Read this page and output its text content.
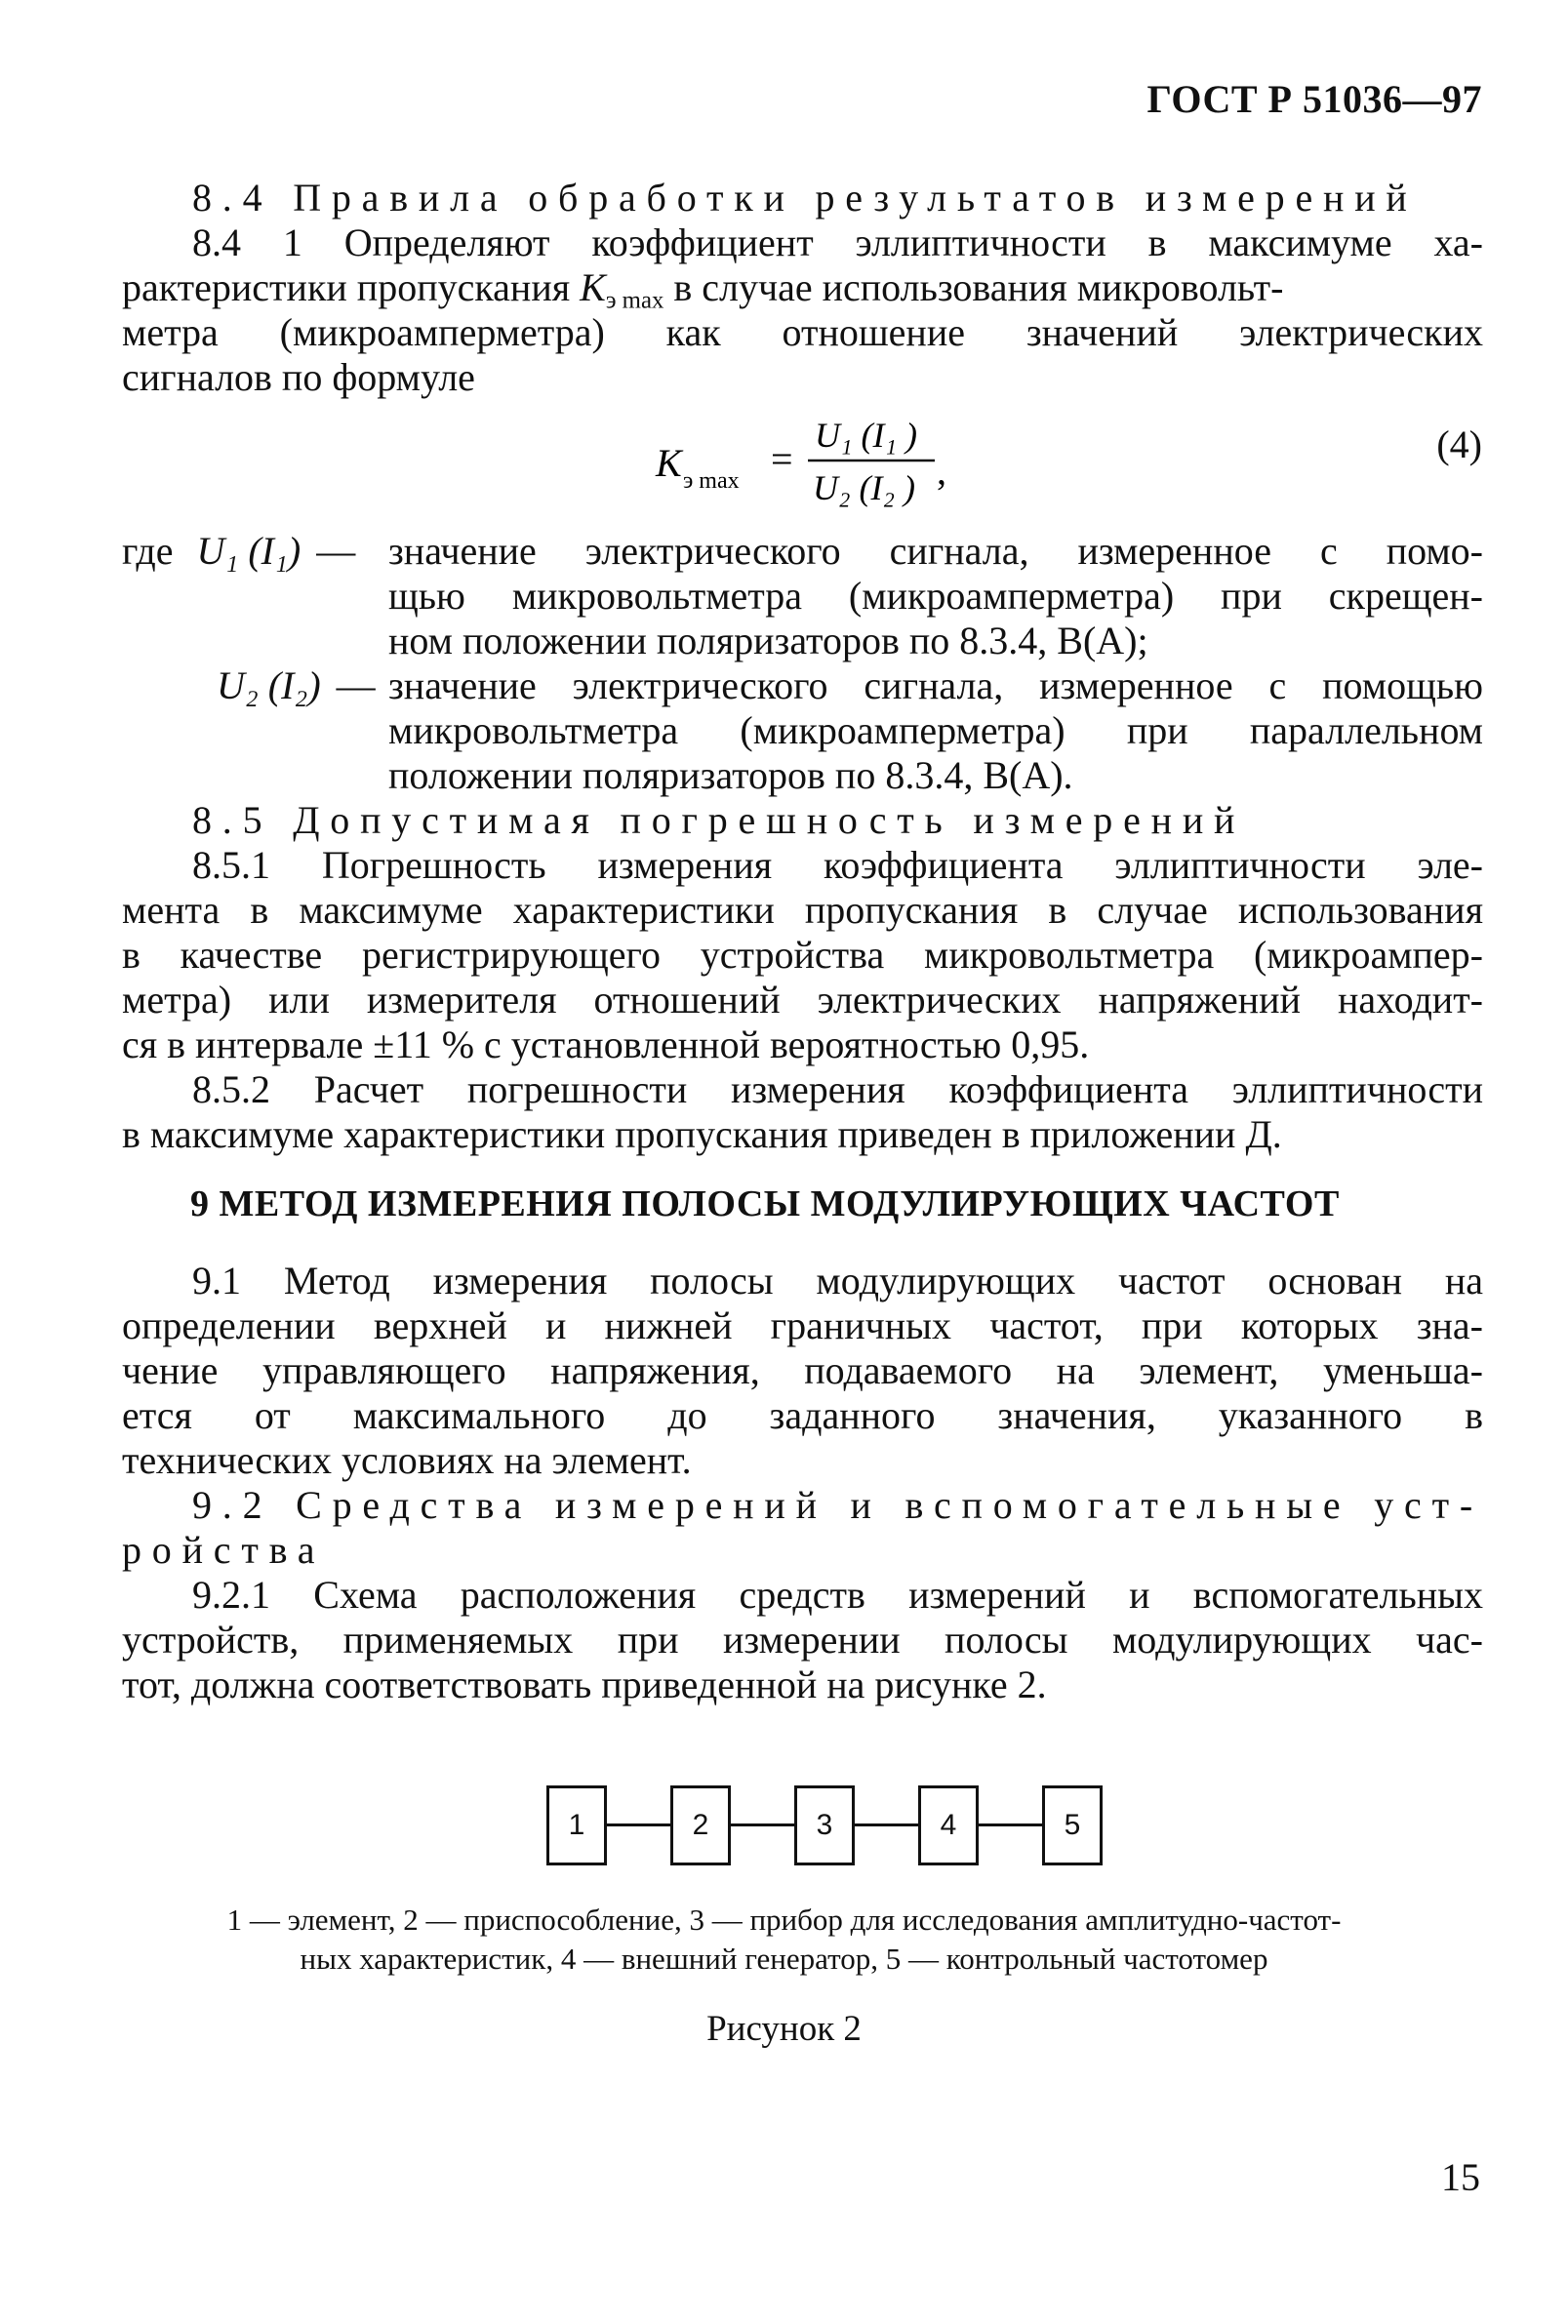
ГОСТ Р 51036—97
8.4 Правила обработки результатов измерений
8.4 1 Определяют коэффициент эллиптичности в максимуме ха-
рактеристики пропускания $K_{э max}$ в случае использования микровольт-
метра (микроамперметра) как отношение значений электрических
сигналов по формуле
K э max =
U₁ (I₁ )
U₂ (I₂ ) ,
(4)
где U₁ (I₁) — значение электрического сигнала, измеренное с помо-
щью микровольтметра (микроамперметра) при скрещен-
ном положении поляризаторов по 8.3.4, В(А);
U₂ (I₂) — значение электрического сигнала, измеренное с помощью
микровольтметра (микроамперметра) при параллельном
положении поляризаторов по 8.3.4, В(А).
8.5 Допустимая погрешность измерений
8.5.1 Погрешность измерения коэффициента эллиптичности эле-
мента в максимуме характеристики пропускания в случае использования
в качестве регистрирующего устройства микровольтметра (микроампер-
метра) или измерителя отношений электрических напряжений находит-
ся в интервале ±11 % с установленной вероятностью 0,95.
8.5.2 Расчет погрешности измерения коэффициента эллиптичности
в максимуме характеристики пропускания приведен в приложении Д.
9 МЕТОД ИЗМЕРЕНИЯ ПОЛОСЫ МОДУЛИРУЮЩИХ ЧАСТОТ
9.1 Метод измерения полосы модулирующих частот основан на
определении верхней и нижней граничных частот, при которых зна-
чение управляющего напряжения, подаваемого на элемент, уменьша-
ется от максимального до заданного значения, указанного в
технических условиях на элемент.
9.2 Средства измерений и вспомогательные уст-
ройства
9.2.1 Схема расположения средств измерений и вспомогательных
устройств, применяемых при измерении полосы модулирующих час-
тот, должна соответствовать приведенной на рисунке 2.
1	2	3	4	5
1 — элемент, 2 — приспособление, 3 — прибор для исследования амплитудно-частот-
ных характеристик, 4 — внешний генератор, 5 — контрольный частотомер
Рисунок 2
15
